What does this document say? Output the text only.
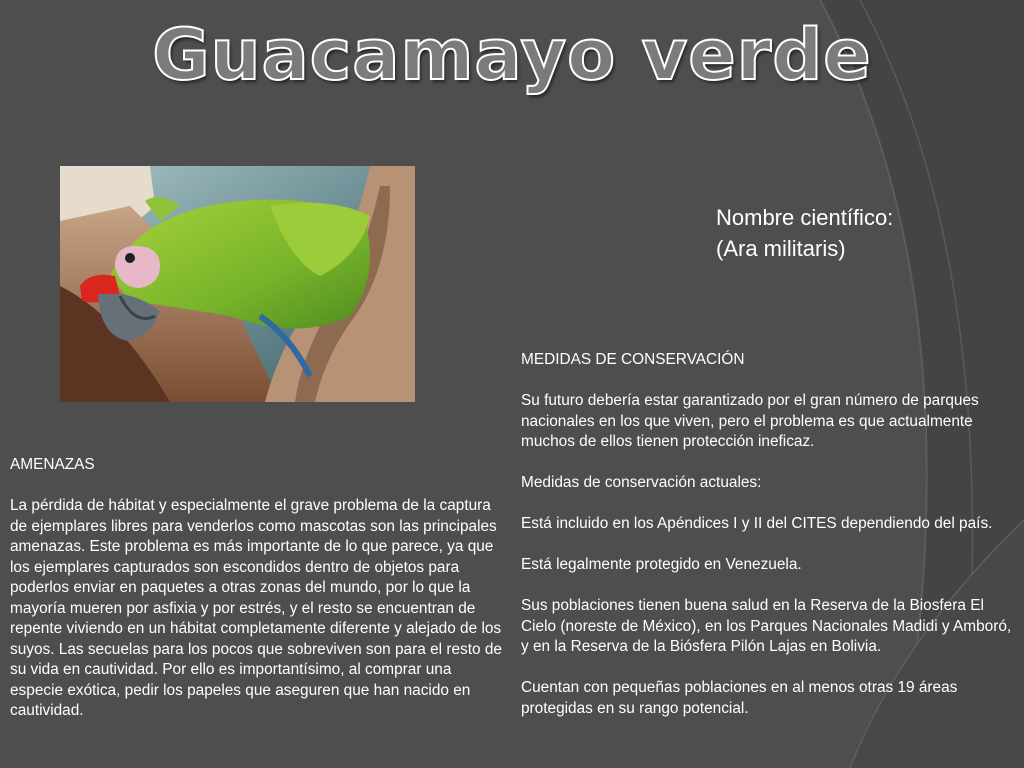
Guacamayo verde
Nombre científico:
(Ara militaris)

AMENAZAS

La pérdida de hábitat y especialmente el grave problema de la captura de ejemplares libres para venderlos como mascotas son las principales amenazas. Este problema es más importante de lo que parece, ya que los ejemplares capturados son escondidos dentro de objetos para poderlos enviar en paquetes a otras zonas del mundo, por lo que la mayoría mueren por asfixia y por estrés, y el resto se encuentran de repente viviendo en un hábitat completamente diferente y alejado de los suyos. Las secuelas para los pocos que sobreviven son para el resto de su vida en cautividad. Por ello es importantísimo, al comprar una especie exótica, pedir los papeles que aseguren que han nacido en cautividad.

MEDIDAS DE CONSERVACIÓN

Su futuro debería estar garantizado por el gran número de parques nacionales en los que viven, pero el problema es que actualmente muchos de ellos tienen protección ineficaz.

Medidas de conservación actuales:

Está incluido en los Apéndices I y II del CITES dependiendo del país.

Está legalmente protegido en Venezuela.

Sus poblaciones tienen buena salud en la Reserva de la Biosfera El Cielo (noreste de México), en los Parques Nacionales Madidi y Amboró, y en la Reserva de la Biósfera Pilón Lajas en Bolivia.

Cuentan con pequeñas poblaciones en al menos otras 19 áreas protegidas en su rango potencial.
